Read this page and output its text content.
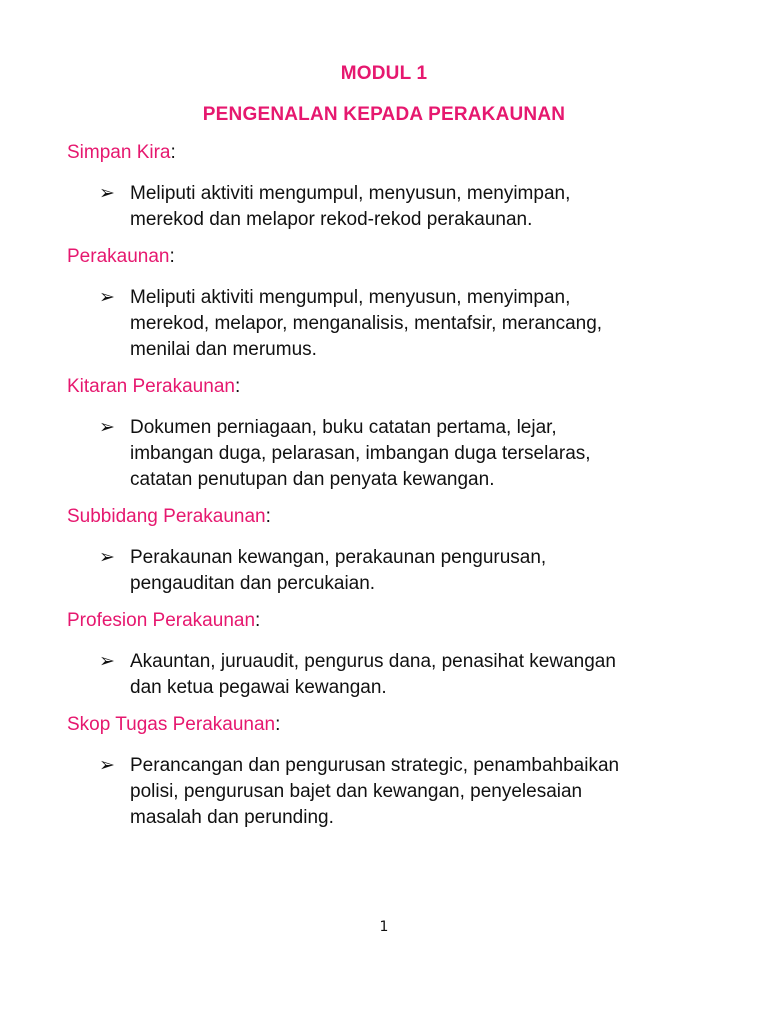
MODUL 1
PENGENALAN KEPADA PERAKAUNAN
Simpan Kira:
➢ Meliputi aktiviti mengumpul, menyusun, menyimpan,
merekod dan melapor rekod-rekod perakaunan.
Perakaunan:
➢ Meliputi aktiviti mengumpul, menyusun, menyimpan,
merekod, melapor, menganalisis, mentafsir, merancang,
menilai dan merumus.
Kitaran Perakaunan:
➢ Dokumen perniagaan, buku catatan pertama, lejar,
imbangan duga, pelarasan, imbangan duga terselaras,
catatan penutupan dan penyata kewangan.
Subbidang Perakaunan:
➢ Perakaunan kewangan, perakaunan pengurusan,
pengauditan dan percukaian.
Profesion Perakaunan:
➢ Akauntan, juruaudit, pengurus dana, penasihat kewangan
dan ketua pegawai kewangan.
Skop Tugas Perakaunan:
➢ Perancangan dan pengurusan strategic, penambahbaikan
polisi, pengurusan bajet dan kewangan, penyelesaian
masalah dan perunding.
1
